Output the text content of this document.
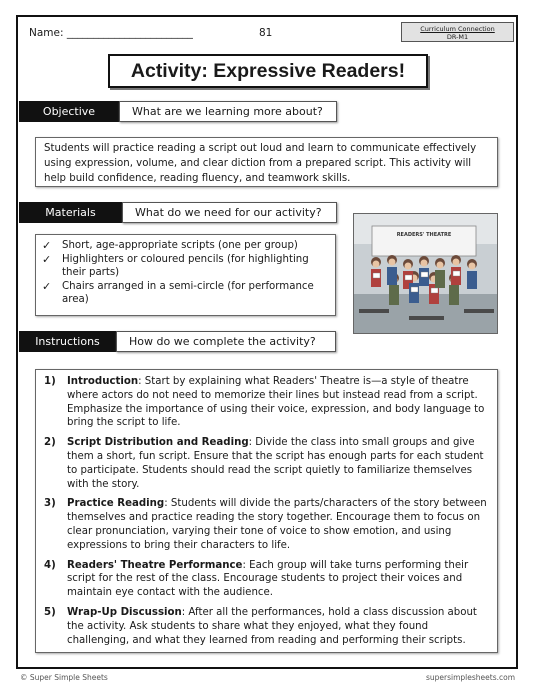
Name: ________________________	81	Curriculum Connection
DR-M1
Activity: Expressive Readers!
Objective	What are we learning more about?
Students will practice reading a script out loud and learn to communicate effectively using expression, volume, and clear diction from a prepared script. This activity will help build confidence, reading fluency, and teamwork skills.
Materials	What do we need for our activity?
✓ Short, age-appropriate scripts (one per group)
✓ Highlighters or coloured pencils (for highlighting their parts)
✓ Chairs arranged in a semi-circle (for performance area)
READERS' THEATRE
Instructions	How do we complete the activity?
1) Introduction: Start by explaining what Readers' Theatre is—a style of theatre where actors do not need to memorize their lines but instead read from a script. Emphasize the importance of using their voice, expression, and body language to bring the script to life.
2) Script Distribution and Reading: Divide the class into small groups and give them a short, fun script. Ensure that the script has enough parts for each student to participate. Students should read the script quietly to familiarize themselves with the story.
3) Practice Reading: Students will divide the parts/characters of the story between themselves and practice reading the story together. Encourage them to focus on clear pronunciation, varying their tone of voice to show emotion, and using expressions to bring their characters to life.
4) Readers' Theatre Performance: Each group will take turns performing their script for the rest of the class. Encourage students to project their voices and maintain eye contact with the audience.
5) Wrap-Up Discussion: After all the performances, hold a class discussion about the activity. Ask students to share what they enjoyed, what they found challenging, and what they learned from reading and performing their scripts.
© Super Simple Sheets	supersimplesheets.com
